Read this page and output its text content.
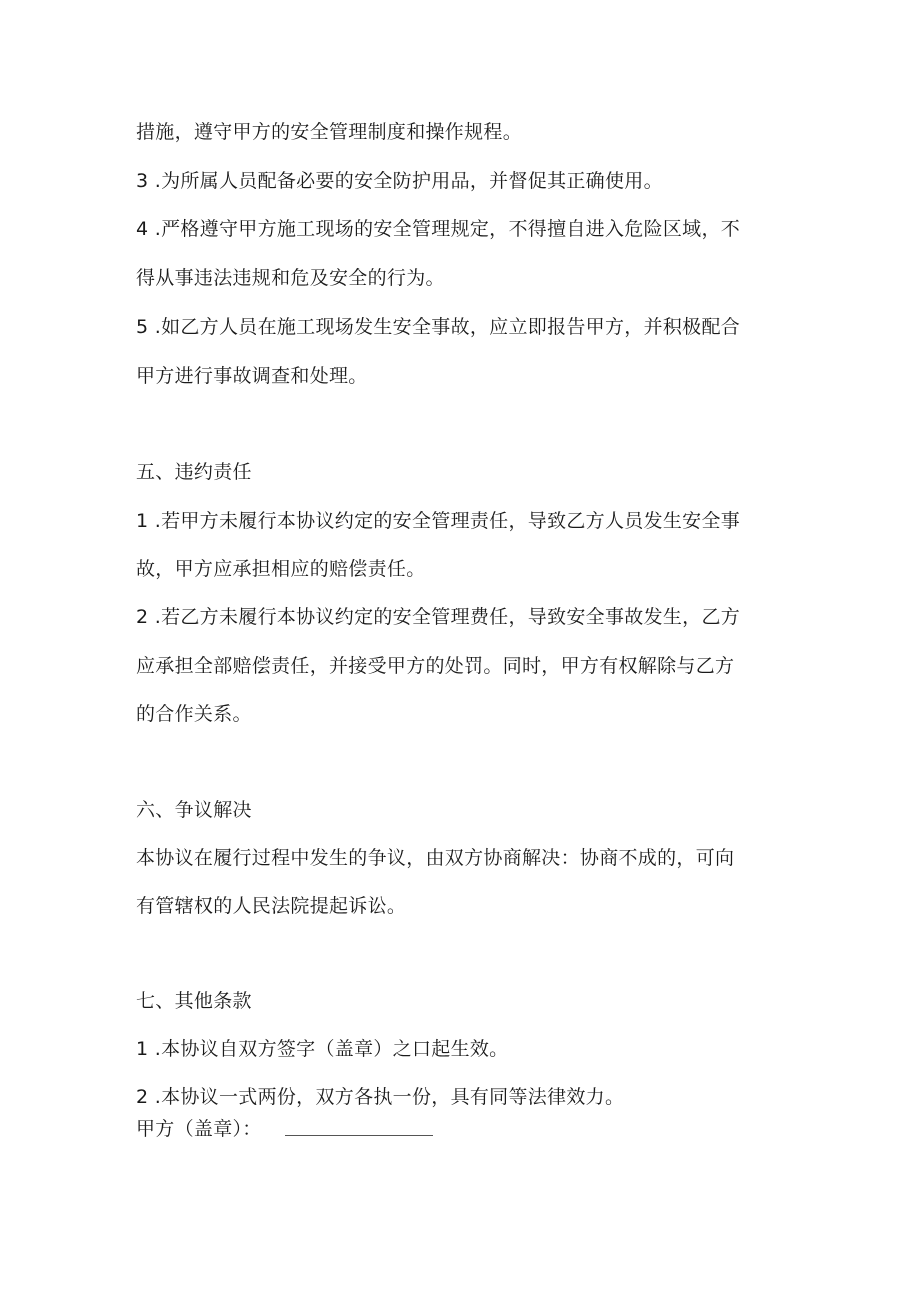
措施，遵守甲方的安全管理制度和操作规程。
3 .为所属人员配备必要的安全防护用品，并督促其正确使用。
4 .严格遵守甲方施工现场的安全管理规定，不得擅自进入危险区域，不
得从事违法违规和危及安全的行为。
5 .如乙方人员在施工现场发生安全事故，应立即报告甲方，并积极配合
甲方进行事故调查和处理。
五、违约责任
1 .若甲方未履行本协议约定的安全管理责任，导致乙方人员发生安全事
故，甲方应承担相应的赔偿责任。
2 .若乙方未履行本协议约定的安全管理费任，导致安全事故发生，乙方
应承担全部赔偿责任，并接受甲方的处罚。同时，甲方有权解除与乙方
的合作关系。
六、争议解决
本协议在履行过程中发生的争议，由双方协商解决：协商不成的，可向
有管辖权的人民法院提起诉讼。
七、其他条款
1 .本协议自双方签字（盖章）之口起生效。
2 .本协议一式两份，双方各执一份，具有同等法律效力。
甲方（盖章）：
